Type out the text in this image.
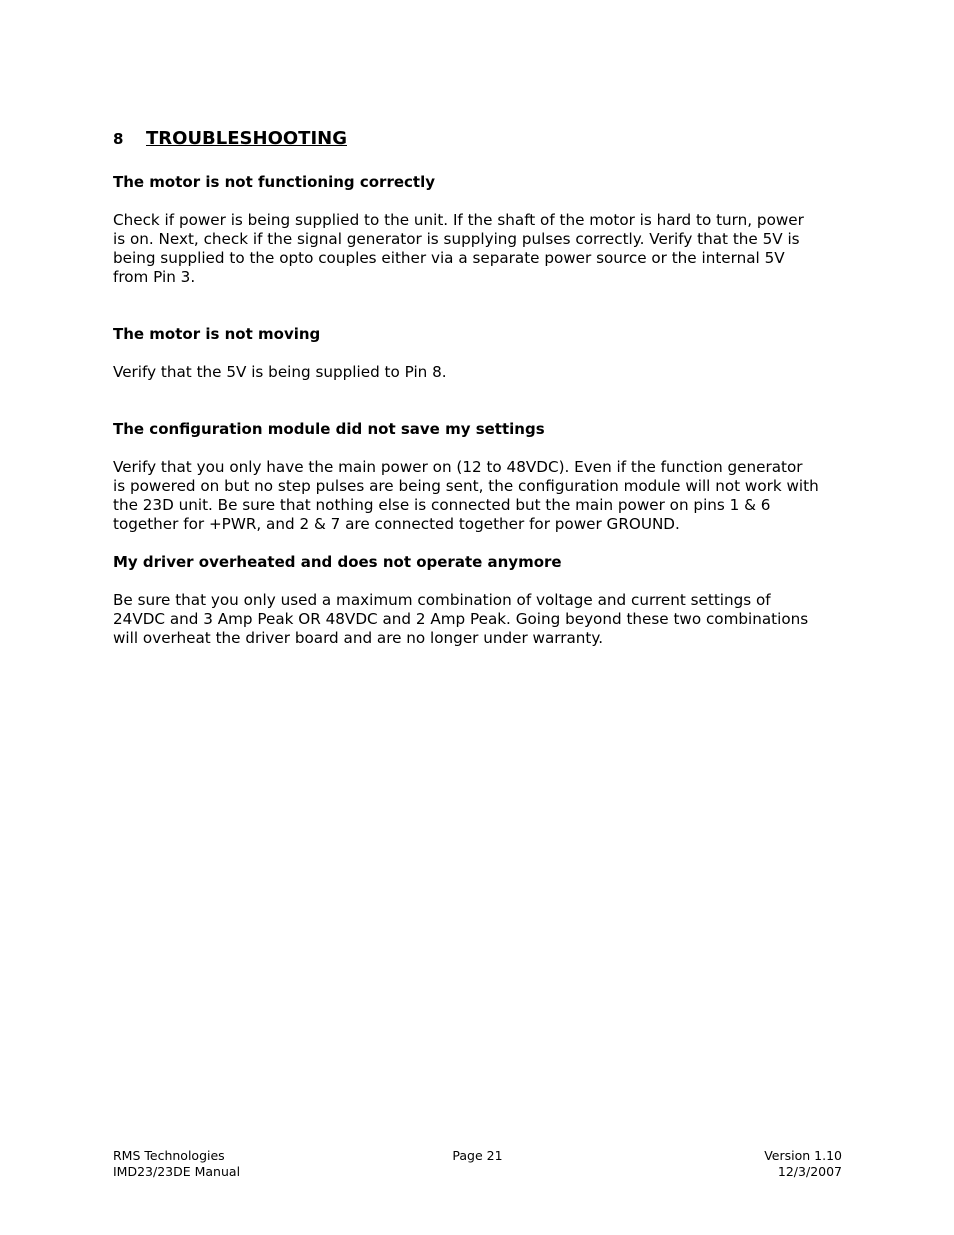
8	TROUBLESHOOTING
The motor is not functioning correctly

Check if power is being supplied to the unit. If the shaft of the motor is hard to turn, power
is on. Next, check if the signal generator is supplying pulses correctly. Verify that the 5V is
being supplied to the opto couples either via a separate power source or the internal 5V
from Pin 3.

The motor is not moving

Verify that the 5V is being supplied to Pin 8.

The configuration module did not save my settings

Verify that you only have the main power on (12 to 48VDC). Even if the function generator
is powered on but no step pulses are being sent, the configuration module will not work with
the 23D unit. Be sure that nothing else is connected but the main power on pins 1 & 6
together for +PWR, and 2 & 7 are connected together for power GROUND.

My driver overheated and does not operate anymore

Be sure that you only used a maximum combination of voltage and current settings of
24VDC and 3 Amp Peak OR 48VDC and 2 Amp Peak. Going beyond these two combinations
will overheat the driver board and are no longer under warranty.

RMS Technologies
IMD23/23DE Manual
Page 21	Version 1.10
12/3/2007
